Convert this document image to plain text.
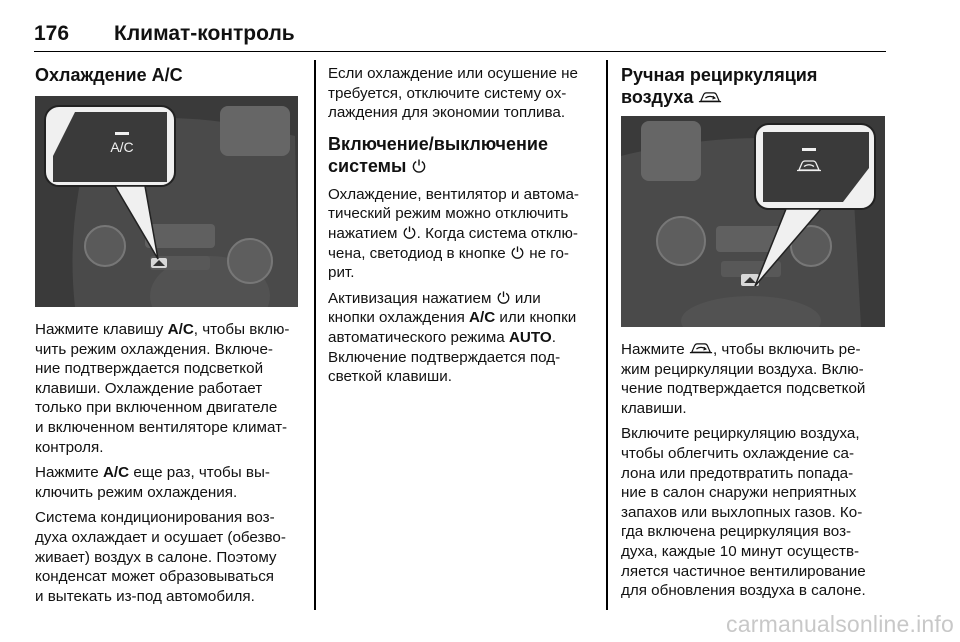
176 Климат-контроль
Охлаждение A/C
A/C

Нажмите клавишу A/C, чтобы вклю-
чить режим охлаждения. Включе-
ние подтверждается подсветкой
клавиши. Охлаждение работает
только при включенном двигателе
и включенном вентиляторе климат-
контроля.

Нажмите A/C еще раз, чтобы вы-
ключить режим охлаждения.

Система кондиционирования воз-
духа охлаждает и осушает (обезво-
живает) воздух в салоне. Поэтому
конденсат может образовываться
и вытекать из-под автомобиля.

Если охлаждение или осушение не
требуется, отключите систему ох-
лаждения для экономии топлива.

Включение/выключение
системы

Охлаждение, вентилятор и автома-
тический режим можно отключить
нажатием . Когда система отклю-
чена, светодиод в кнопке  не го-
рит.

Активизация нажатием  или
кнопки охлаждения A/C или кнопки
автоматического режима AUTO.
Включение подтверждается под-
светкой клавиши.

Ручная рециркуляция
воздуха

Нажмите , чтобы включить ре-
жим рециркуляции воздуха. Вклю-
чение подтверждается подсветкой
клавиши.

Включите рециркуляцию воздуха,
чтобы облегчить охлаждение са-
лона или предотвратить попада-
ние в салон снаружи неприятных
запахов или выхлопных газов. Ко-
гда включена рециркуляция воз-
духа, каждые 10 минут осуществ-
ляется частичное вентилирование
для обновления воздуха в салоне.

carmanualsonline.info
